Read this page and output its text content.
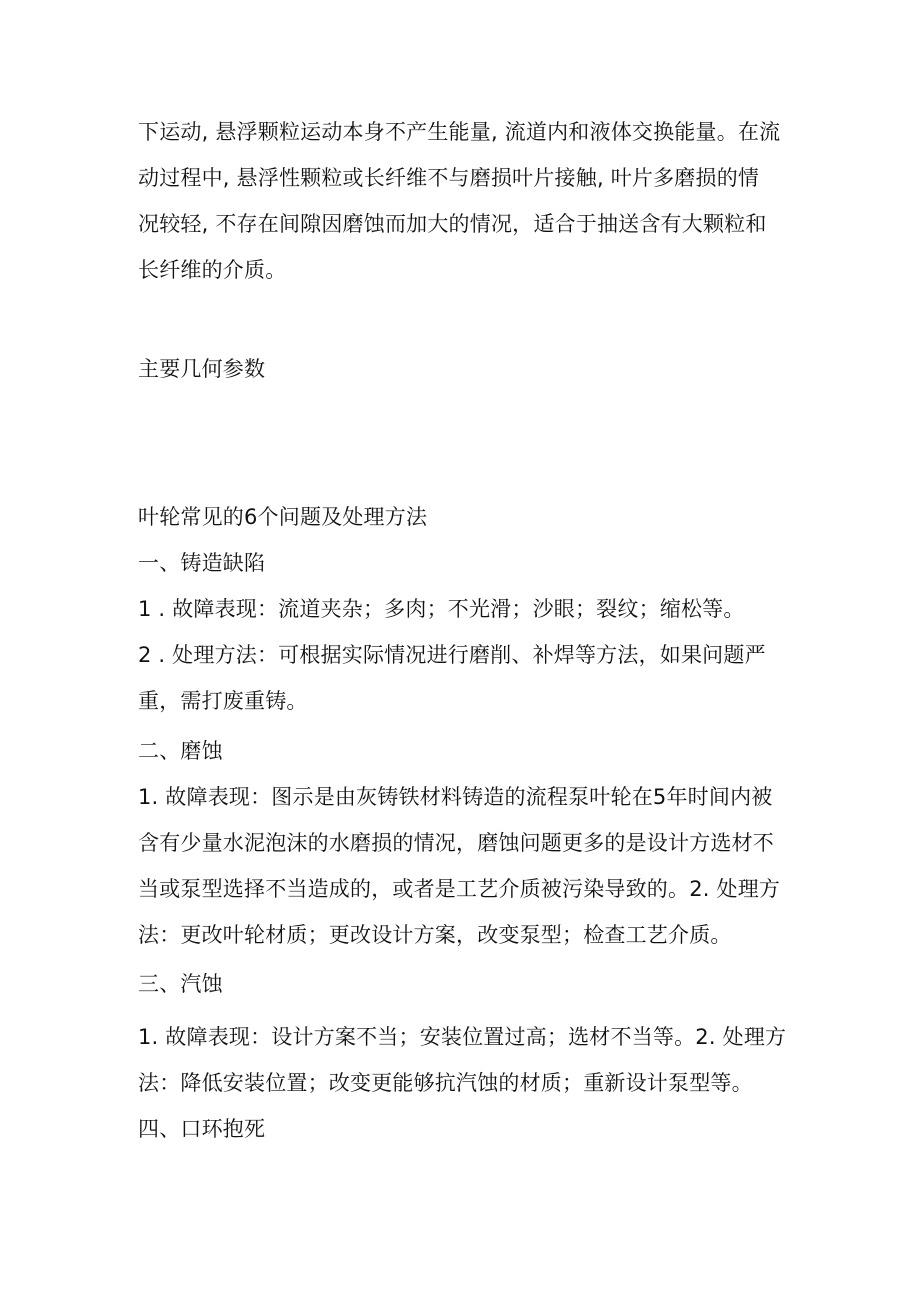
下运动, 悬浮颗粒运动本身不产生能量, 流道内和液体交换能量。在流
动过程中, 悬浮性颗粒或长纤维不与磨损叶片接触, 叶片多磨损的情
况较轻, 不存在间隙因磨蚀而加大的情况，适合于抽送含有大颗粒和
长纤维的介质。
主要几何参数
叶轮常见的6个问题及处理方法
一、铸造缺陷
1 . 故障表现：流道夹杂；多肉；不光滑；沙眼；裂纹；缩松等。
2 . 处理方法：可根据实际情况进行磨削、补焊等方法，如果问题严
重，需打废重铸。
二、磨蚀
1. 故障表现：图示是由灰铸铁材料铸造的流程泵叶轮在5年时间内被
含有少量水泥泡沫的水磨损的情况，磨蚀问题更多的是设计方选材不
当或泵型选择不当造成的，或者是工艺介质被污染导致的。2. 处理方
法：更改叶轮材质；更改设计方案，改变泵型；检查工艺介质。
三、汽蚀
1. 故障表现：设计方案不当；安装位置过高；选材不当等。2. 处理方
法：降低安装位置；改变更能够抗汽蚀的材质；重新设计泵型等。
四、口环抱死
